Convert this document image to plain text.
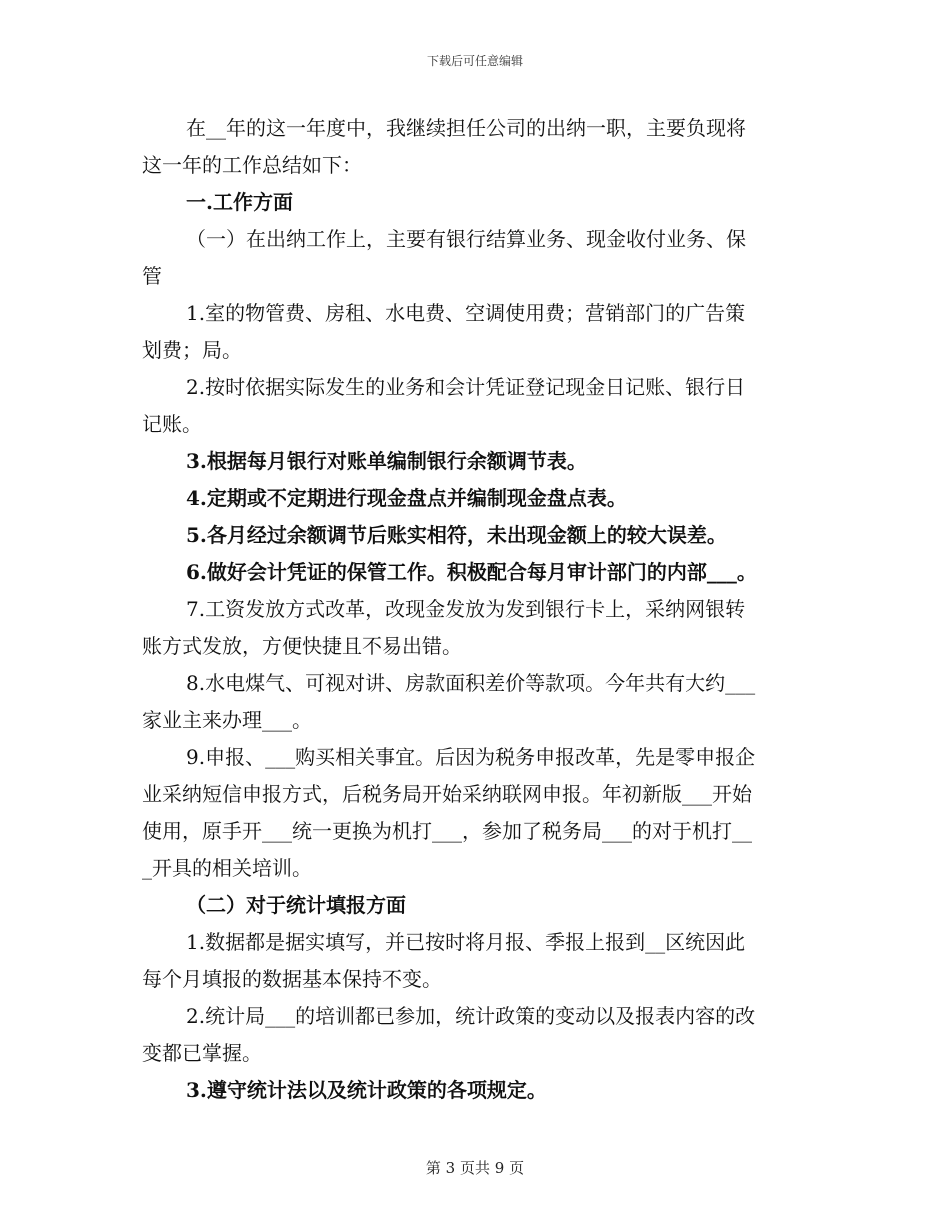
下载后可任意编辑
在__年的这一年度中，我继续担任公司的出纳一职，主要负现将
这一年的工作总结如下：
一.工作方面
（一）在出纳工作上，主要有银行结算业务、现金收付业务、保
管
1.室的物管费、房租、水电费、空调使用费；营销部门的广告策
划费；局。
2.按时依据实际发生的业务和会计凭证登记现金日记账、银行日
记账。
3.根据每月银行对账单编制银行余额调节表。
4.定期或不定期进行现金盘点并编制现金盘点表。
5.各月经过余额调节后账实相符，未出现金额上的较大误差。
6.做好会计凭证的保管工作。积极配合每月审计部门的内部___。
7.工资发放方式改革，改现金发放为发到银行卡上，采纳网银转
账方式发放，方便快捷且不易出错。
8.水电煤气、可视对讲、房款面积差价等款项。今年共有大约___
家业主来办理___。
9.申报、___购买相关事宜。后因为税务申报改革，先是零申报企
业采纳短信申报方式，后税务局开始采纳联网申报。年初新版___开始
使用，原手开___统一更换为机打___，参加了税务局___的对于机打__
_开具的相关培训。
（二）对于统计填报方面
1.数据都是据实填写，并已按时将月报、季报上报到__区统因此
每个月填报的数据基本保持不变。
2.统计局___的培训都已参加，统计政策的变动以及报表内容的改
变都已掌握。
3.遵守统计法以及统计政策的各项规定。
第 3 页共 9 页
